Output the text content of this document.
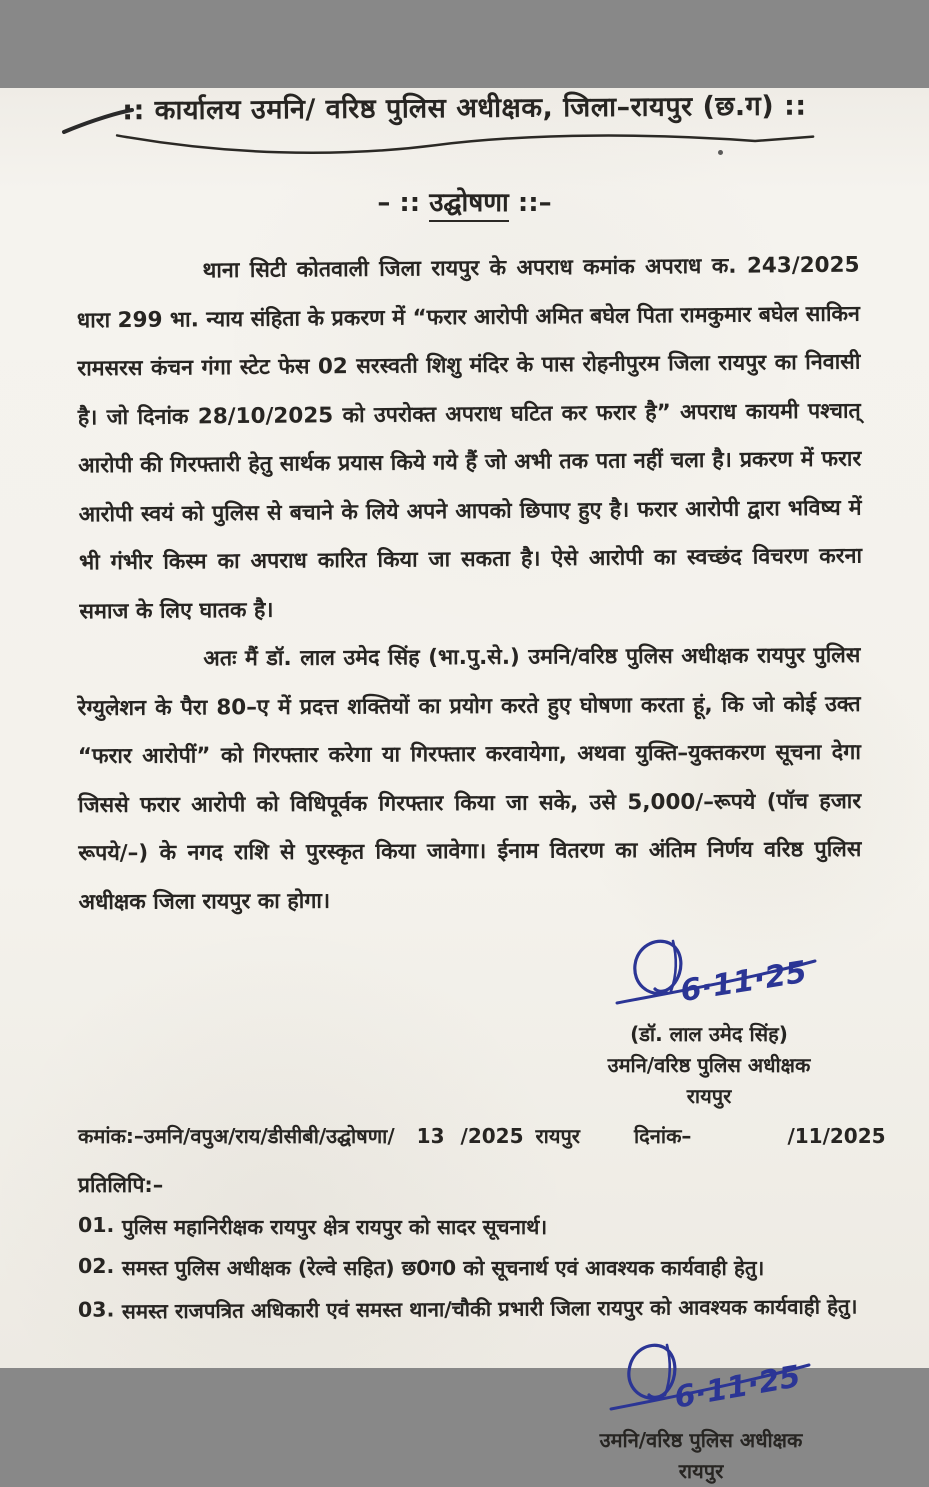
:: कार्यालय उमनि/ वरिष्ठ पुलिस अधीक्षक, जिला–रायपुर (छ.ग) ::
– :: उद्घोषणा ::–

थाना सिटी कोतवाली जिला रायपुर के अपराध कमांक अपराध क. 243/2025 धारा 299 भा. न्याय संहिता के प्रकरण में “फरार आरोपी अमित बघेल पिता रामकुमार बघेल साकिन रामसरस कंचन गंगा स्टेट फेस 02 सरस्वती शिशु मंदिर के पास रोहनीपुरम जिला रायपुर का निवासी है। जो दिनांक 28/10/2025 को उपरोक्त अपराध घटित कर फरार है” अपराध कायमी पश्चात् आरोपी की गिरफ्तारी हेतु सार्थक प्रयास किये गये हैं जो अभी तक पता नहीं चला है। प्रकरण में फरार आरोपी स्वयं को पुलिस से बचाने के लिये अपने आपको छिपाए हुए है। फरार आरोपी द्वारा भविष्य में भी गंभीर किस्म का अपराध कारित किया जा सकता है। ऐसे आरोपी का स्वच्छंद विचरण करना समाज के लिए घातक है।

अतः मैं डॉ. लाल उमेद सिंह (भा.पु.से.) उमनि/वरिष्ठ पुलिस अधीक्षक रायपुर पुलिस रेग्युलेशन के पैरा 80–ए में प्रदत्त शक्तियों का प्रयोग करते हुए घोषणा करता हूं, कि जो कोई उक्त “फरार आरोपीं” को गिरफ्तार करेगा या गिरफ्तार करवायेगा, अथवा युक्ति–युक्तकरण सूचना देगा जिससे फरार आरोपी को विधिपूर्वक गिरफ्तार किया जा सके, उसे 5,000/–रूपये (पॉच हजार रूपये/–) के नगद राशि से पुरस्कृत किया जावेगा। ईनाम वितरण का अंतिम निर्णय वरिष्ठ पुलिस अधीक्षक जिला रायपुर का होगा।

6·11·25
(डॉ. लाल उमेद सिंह)
उमनि/वरिष्ठ पुलिस अधीक्षक
रायपुर
कमांक:–उमनि/वपुअ/राय/डीसीबी/उद्घोषणा/ 13 /2025 रायपुर	दिनांक–	/11/2025
प्रतिलिपि:–
01. पुलिस महानिरीक्षक रायपुर क्षेत्र रायपुर को सादर सूचनार्थ।
02. समस्त पुलिस अधीक्षक (रेल्वे सहित) छ0ग0 को सूचनार्थ एवं आवश्यक कार्यवाही हेतु।
03. समस्त राजपत्रित अधिकारी एवं समस्त थाना/चौकी प्रभारी जिला रायपुर को आवश्यक कार्यवाही हेतु।
6·11·25
उमनि/वरिष्ठ पुलिस अधीक्षक
रायपुर
